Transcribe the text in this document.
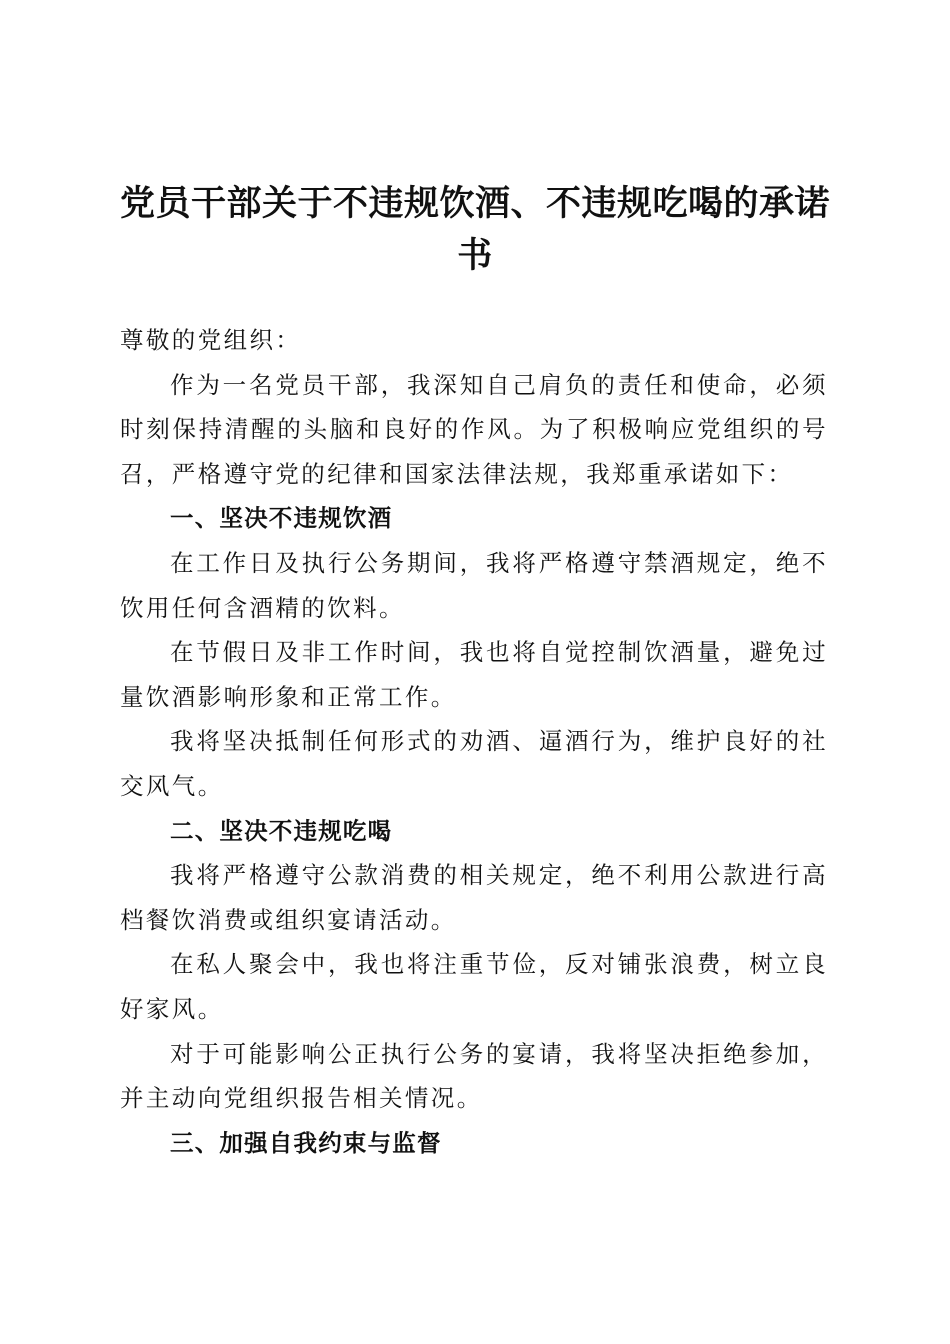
党员干部关于不违规饮酒、不违规吃喝的承诺书

尊敬的党组织：

作为一名党员干部，我深知自己肩负的责任和使命，必须时刻保持清醒的头脑和良好的作风。为了积极响应党组织的号召，严格遵守党的纪律和国家法律法规，我郑重承诺如下：

一、坚决不违规饮酒

在工作日及执行公务期间，我将严格遵守禁酒规定，绝不饮用任何含酒精的饮料。

在节假日及非工作时间，我也将自觉控制饮酒量，避免过量饮酒影响形象和正常工作。

我将坚决抵制任何形式的劝酒、逼酒行为，维护良好的社交风气。

二、坚决不违规吃喝

我将严格遵守公款消费的相关规定，绝不利用公款进行高档餐饮消费或组织宴请活动。

在私人聚会中，我也将注重节俭，反对铺张浪费，树立良好家风。

对于可能影响公正执行公务的宴请，我将坚决拒绝参加，并主动向党组织报告相关情况。

三、加强自我约束与监督
